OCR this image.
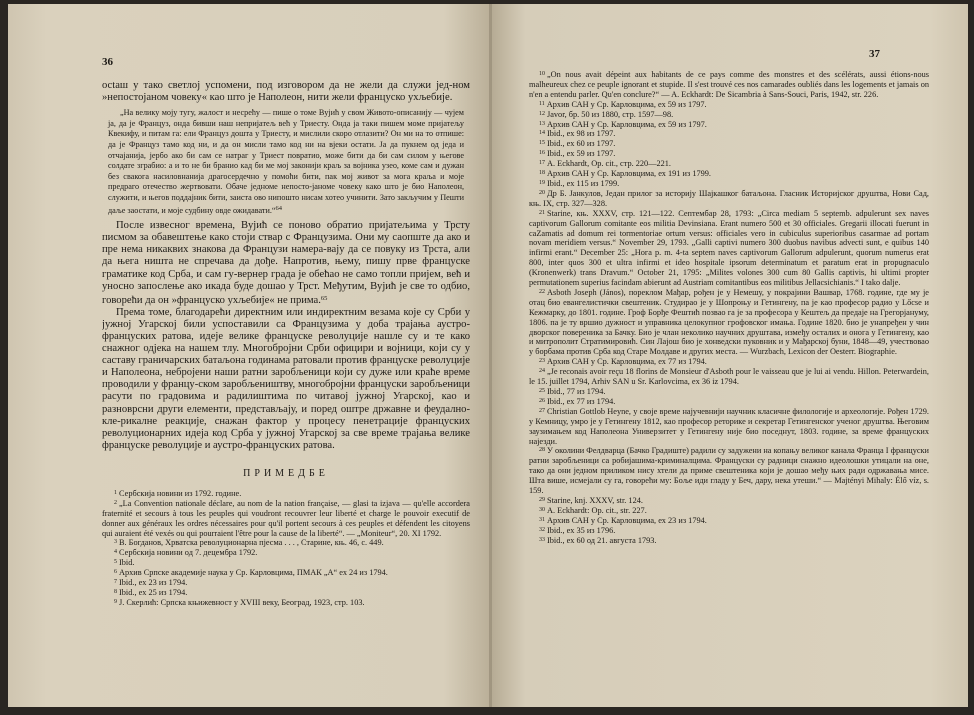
36

осtаш у тако светлој успомени, под изговором да не жели да служи јед-ном »непостојаном човеку« као што је Наполеон, нити жели француско ухљебије.

„На велику моју тугу, жалост и несрећу — пише о томе Вујић у свом Живото-описанију — чујем ја, да је Француз, онда бивши наш непријатељ већ у Триесту. Онда ја таки пишем моме пријатељу Квекифу, и питам га: ели Француз дошта у Триесту, и мислили скоро отлазити? Он ми на то отпише: да је Француз тамо код ни, и да он мисли тамо код ни на вјеки остати. Ја да пукнем од једа и отчајанија, јербо ако би сам се натраг у Триест повратио, може бити да би сам силом у његове солдате згрaбио: а и то не би бранио кад би ме мој законији краљ за војника узео, коме сам и дужан без свакога насиловнанија драгосердечно у помоћи бити, пак мој живот за мога краља и моје предраго отечество жертвовати. Обаче једноме непосто-јаноме човеку како што је био Наполеон, служити, и његов поддајник бити, заиста ово нипошто нисам хотео учинити. Зато закључим у Пешти даље заостати, и мојe судбину овде ожидавати.“$^{64}$

После извесног времена, Вујић се поново обратио пријатељима у Трсту писмом за обавештење како стоји ствар с Французима. Они му саопште да ако и пре нема никаквих знакова да Французи намера-вају да се повуку из Трста, али да њега ништа не спречава да дође. Напротив, њему, пишу прве француске граматике код Срба, и сам гу-вернер града је обећао не само топли пријем, већ и уносно запослење ако икада буде дошао у Трст. Међутим, Вујић је све то одбио, говорећи да он »француско ухљебије« не прима.$^{65}$

Према томе, благодарећи директним или индиректним везама које су Срби у јужној Угарској били успоставили са Французима у доба трајања аустро-француских ратова, идеје велике француске револуције нашле су и те како снажног одјека на нашем тлу. Многобројни Срби официри и војници, који су у саставу граничарских батаљона годинама ратовали против француске револуције и Наполеона, небројени наши ратни заробљеници који су дуже или краће време проводили у францу-ском заробљеништву, многобројни француски заробљеници расути по градовима и радилиштима по читавој јужној Угарској, као и разноврсни други елементи, представљају, и поред оштре државне и феудално-кле-рикалне реакције, снажан фактор у процесу пенетрације француских револуционарних идеја код Срба у јужној Угарској за све време трајања велике француске револуције и аустро-француских ратова.

ПРИМЕДБЕ

$^1$ Сербскија новини из 1792. године.

$^2$ „La Convention nationale déclare, au nom de la nation française, — glasi ta izjava — qu'elle accordera fraternité et secours à tous les peuples qui voudront recouvrer leur liberté et charge le pouvoir executif de donner aux généraux les ordres nécessaires pour qu'il portent secours à ces peuples et défendent les citoyens qui auraient été vexés ou qui pourraient l'être pour la cause de la liberté“. — „Moniteur“, 20. XI 1792.

$^3$ В. Богданов, Хрватска револуционарна пјесма . . . , Старине, књ. 46, с. 449.

$^4$ Сербскија новини од 7. децембра 1792.

$^5$ Ibid.

$^6$ Архив Српске академије наука у Ср. Карловцима, ПМАК „А“ ех 24 из 1794.

$^7$ Ibid., ex 23 из 1794.

$^8$ Ibid., ex 25 из 1794.

$^9$ J. Скерлић: Српска књижевност у XVIII веку, Београд, 1923, стр. 103.

37

$^{10}$ „On nous avait dépeint aux habitants de ce pays comme des monstres et des scélérats, aussi étions-nous malheureux chez ce peuple ignorant et stupide. Il s'est trouvé ces nos camarades oubliés dans les logements et jamais on n'en a entendu parler. Qu'en conclure?“ — A. Eckhardt: De Sicambria à Sans-Souci, Paris, 1942, str. 226.

$^{11}$ Архив САН у Ср. Карловцима, ех 59 из 1797.

$^{12}$ Javor, бр. 50 из 1880, стр. 1597—98.

$^{13}$ Архив САН у Ср. Карловцима, ех 59 из 1797.

$^{14}$ Ibid., ex 98 из 1797.

$^{15}$ Ibid., ex 60 из 1797.

$^{16}$ Ibid., ex 59 из 1797.

$^{17}$ A. Eckhardt, Op. cit., стр. 220—221.

$^{18}$ Архив САН у Ср. Карловцима, ех 191 из 1799.

$^{19}$ Ibid., ex 115 из 1799.

$^{20}$ Др Б. Јанкулов, Један прилог за историју Шајкашког батаљона. Гласник Историјског друштва, Нови Сад, књ. IX, стр. 327—328.

$^{21}$ Starine, књ. XXXV, стр. 121—122. Септембар 28, 1793: „Circa mediam 5 septemb. adpulerunt sex naves captivorum Gallorum comitante eos militia Devinsiana. Erant numero 500 et 30 officiales. Gregarii illocati fuerunt in caZamatis ad domum rei tormentoriae ortum versus: officiales vero in cubiculus superioribus casarmae ad portam novam meridiem versus.“ November 29, 1793. „Galli captivi numero 300 duobus navibus advecti sunt, e quibus 140 infirmi erant.“ December 25: „Нога р. m. 4-ta septem naves captivorum Gallorum adpulerunt, quorum numerus erat 800, inter quos 300 et ultra infirmi et ideo hospitale ipsorum determinatum et paratum erat in propugnaculo (Kronenwerk) trans Dravum.“ October 21, 1795: „Milites volones 300 cum 80 Gallis captivis, hi ultimi propter permutationem superius facindam abierunt ad Austriam comitantibus eos militibus Jellacsichianis.“ I tako dalje.

$^{22}$ Asboth Joseph (János), пореклом Мађар, рођен је у Немешу, у покрајини Вашвар, 1768. године, где му је отац био евангелистички свештеник. Студирао је у Шопроњу и Гетингену, па је као професор радио у Lőcse и Кежмарку, до 1801. године. Гроф Борђе Фештић позвао га је за професора у Кештељ да предаје на Грегорјануму, 1806. па је ту вршио дужност и управника целокупног грофовског имања. Године 1820. био је унапређен у чин дворског повереника за Бачку. Био је члан неколико научних друштава, између осталих и онога у Гетингену, као и митрополит Стратимировић. Син Лајош био је хонведски пуковник и у Мађарској буни, 1848—49, учествовао у борбама против Срба код Старе Молдаве и других места. — Wurzbach, Lexicon der Oesterr. Biographie.

$^{23}$ Архив САН у Ср. Карловцима, ех 77 из 1794.

$^{24}$ „Je reconais avoir reçu 18 florins de Monsieur d'Asboth pour le vaisseau que je lui ai vendu. Hillon. Peterwardein, le 15. juillet 1794, Arhiv SAN u Sr. Karlovcima, ex 36 iz 1794.

$^{25}$ Ibid., 77 из 1794.

$^{26}$ Ibid., ex 77 из 1794.

$^{27}$ Christian Gottlob Heyne, у своје време најучевнији научник класичне филологије и археологије. Рођен 1729. у Кемницу, умро је у Гетингену 1812, као професор реторике и секретар Гетингенског ученог друштва. Његовим заузимањем код Наполеона Универзитет у Гетингену није био поседнут, 1803. године, за време француских најезди.

$^{28}$ У околини Фелдварца (Бачко Градиште) радили су задужени на копању великог канала Франца I француски ратни заробљеници са робијашима-криминалцима. Француски су радници снажно идеолошки утицали на оне, тако да они једном приликом нису хтели да приме свештеника који је дошао међу њих ради одржавања мисе. Шта више, исмејали су га, говорећи му: Боље иди гладу у Беч, дару, нека утеши.“ — Majtényi Mihaly: Élő víz, s. 159.

$^{29}$ Starine, knj. XXXV, str. 124.

$^{30}$ A. Eckhardt: Op. cit., str. 227.

$^{31}$ Архив САН у Ср. Карловцима, ех 23 из 1794.

$^{32}$ Ibid., ex 35 из 1796.

$^{33}$ Ibid., ex 60 од 21. августа 1793.
